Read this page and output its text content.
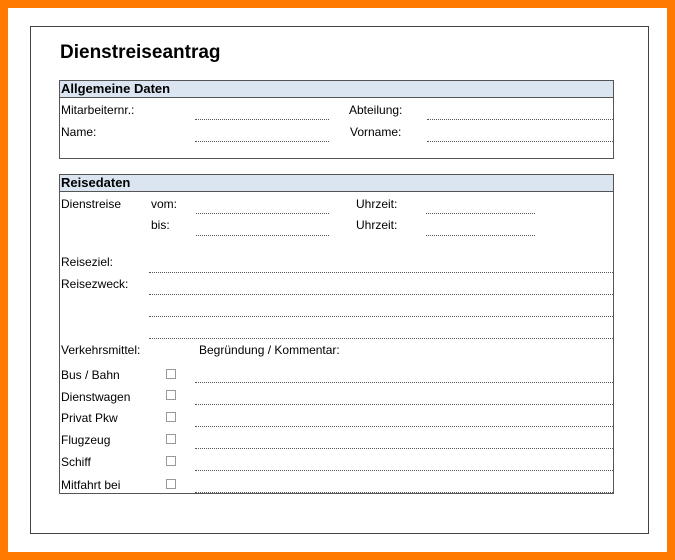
Dienstreiseantrag
Allgemeine Daten
Mitarbeiternr.:	Abteilung:
Name:	Vorname:
Reisedaten
Dienstreise vom:	Uhrzeit:
bis:	Uhrzeit:
Reiseziel:
Reisezweck:
Verkehrsmittel:	Begründung / Kommentar:
Bus / Bahn
Dienstwagen
Privat Pkw
Flugzeug
Schiff
Mitfahrt bei
